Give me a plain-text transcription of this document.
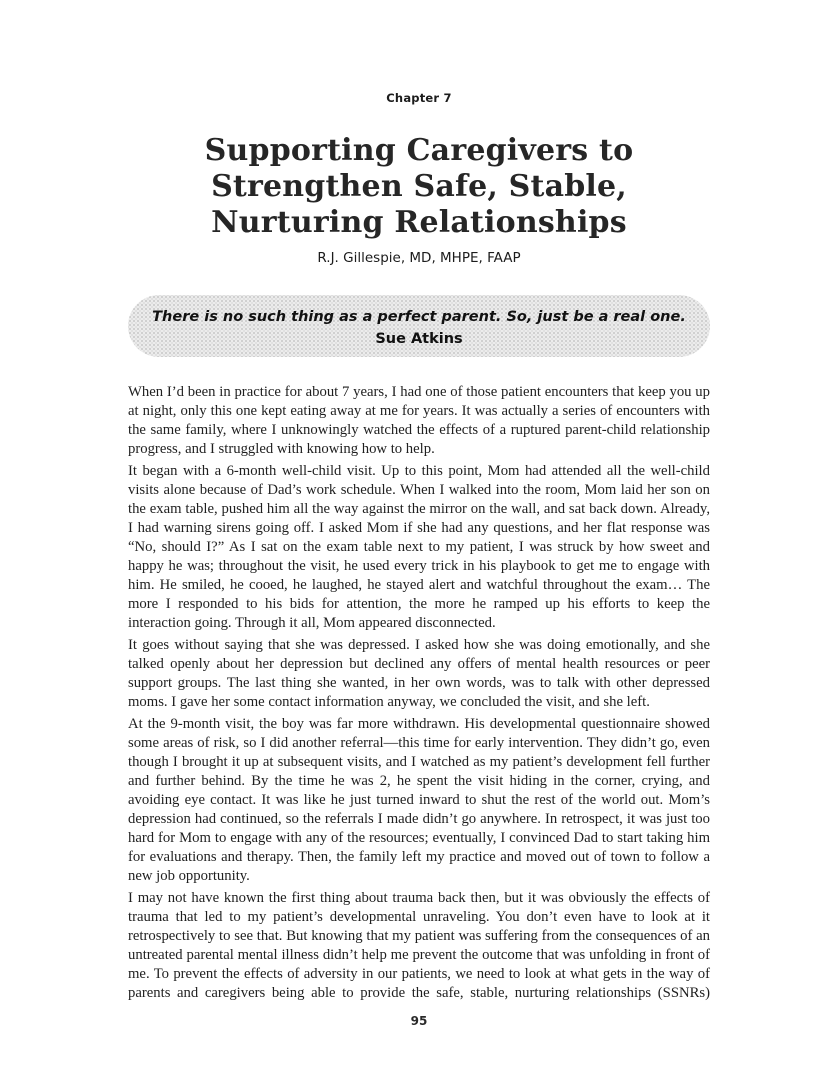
Chapter 7
Supporting Caregivers to
Strengthen Safe, Stable,
Nurturing Relationships
R.J. Gillespie, MD, MHPE, FAAP
There is no such thing as a perfect parent. So, just be a real one.
Sue Atkins

When I’d been in practice for about 7 years, I had one of those patient encounters that keep you up at night, only this one kept eating away at me for years. It was actually a series of encounters with the same family, where I unknowingly watched the effects of a ruptured parent-child relationship progress, and I struggled with knowing how to help.

It began with a 6-month well-child visit. Up to this point, Mom had attended all the well-child visits alone because of Dad’s work schedule. When I walked into the room, Mom laid her son on the exam table, pushed him all the way against the mirror on the wall, and sat back down. Already, I had warning sirens going off. I asked Mom if she had any questions, and her flat response was “No, should I?” As I sat on the exam table next to my patient, I was struck by how sweet and happy he was; throughout the visit, he used every trick in his playbook to get me to engage with him. He smiled, he cooed, he laughed, he stayed alert and watchful throughout the exam… The more I responded to his bids for attention, the more he ramped up his efforts to keep the interaction going. Through it all, Mom appeared disconnected.

It goes without saying that she was depressed. I asked how she was doing emotionally, and she talked openly about her depression but declined any offers of mental health resources or peer support groups. The last thing she wanted, in her own words, was to talk with other depressed moms. I gave her some contact information anyway, we concluded the visit, and she left.

At the 9-month visit, the boy was far more withdrawn. His developmental questionnaire showed some areas of risk, so I did another referral—this time for early intervention. They didn’t go, even though I brought it up at subsequent visits, and I watched as my patient’s development fell further and further behind. By the time he was 2, he spent the visit hiding in the corner, crying, and avoiding eye contact. It was like he just turned inward to shut the rest of the world out. Mom’s depression had continued, so the referrals I made didn’t go anywhere. In retrospect, it was just too hard for Mom to engage with any of the resources; eventually, I convinced Dad to start taking him for evaluations and therapy. Then, the family left my practice and moved out of town to follow a new job opportunity.

I may not have known the first thing about trauma back then, but it was obviously the effects of trauma that led to my patient’s developmental unraveling. You don’t even have to look at it retrospectively to see that. But knowing that my patient was suffering from the consequences of an untreated parental mental illness didn’t help me prevent the outcome that was unfolding in front of me. To prevent the effects of adversity in our patients, we need to look at what gets in the way of parents and caregivers being able to provide the safe, stable, nurturing relationships (SSNRs)

95
